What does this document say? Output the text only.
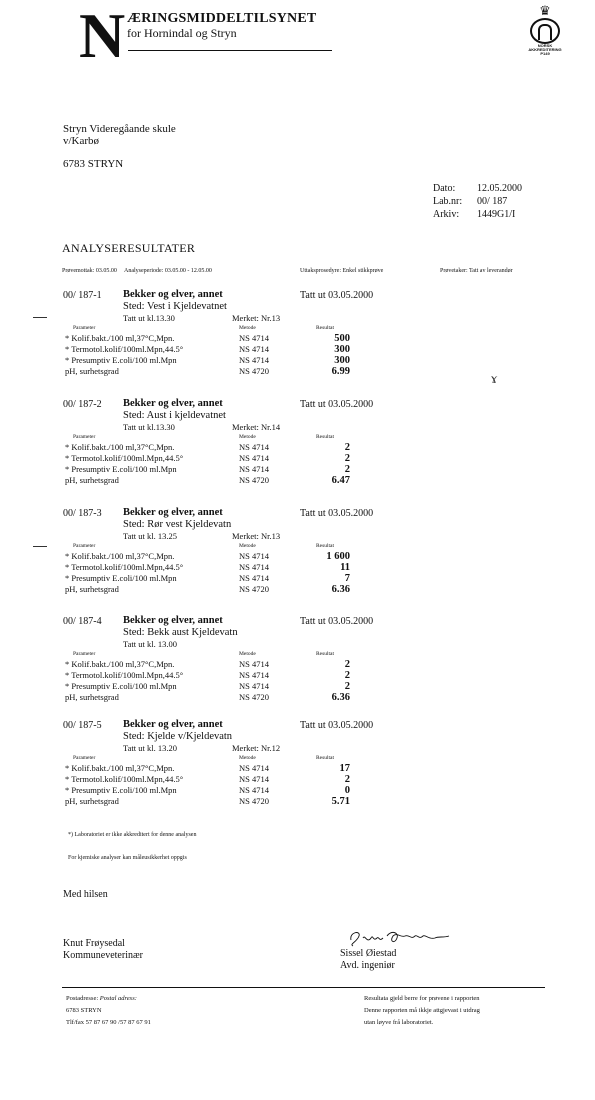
N ÆRINGSMIDDELTILSYNET
for Hornindal og Stryn
♛
NORSK
AKKREDITERING
P149
Stryn Videregåande skule
v/Karbø
6783 STRYN
Dato: 12.05.2000
Lab.nr: 00/ 187
Arkiv: 1449G1/I
ANALYSERESULTATER
Prøvemottak: 03.05.00 Analyseperiode: 03.05.00 - 12.05.00	Uttaksprosedyre: Enkel stikkprøve	Prøvetaker: Tatt av leverandør
00/ 187-1 Bekker og elver, annet	Tatt ut 03.05.2000
Sted: Vest i Kjeldevatnet
Tatt ut kl.13.30	Merket: Nr.13
Parameter	Metode	Resultat
* Kolif.bakt./100 ml,37°C,Mpn.	NS 4714	500
* Termotol.kolif/100ml.Mpn,44.5°	NS 4714	300
* Presumptiv E.coli/100 ml.Mpn	NS 4714	300
pH, surhetsgrad	NS 4720	6.99
00/ 187-2 Bekker og elver, annet	Tatt ut 03.05.2000
Sted: Aust i kjeldevatnet
Tatt ut kl.13.30	Merket: Nr.14
Parameter	Metode	Resultat
* Kolif.bakt./100 ml,37°C,Mpn.	NS 4714	2
* Termotol.kolif/100ml.Mpn,44.5°	NS 4714	2
* Presumptiv E.coli/100 ml.Mpn	NS 4714	2
pH, surhetsgrad	NS 4720	6.47
00/ 187-3 Bekker og elver, annet	Tatt ut 03.05.2000
Sted: Rør vest Kjeldevatn
Tatt ut kl. 13.25	Merket: Nr.13
Parameter	Metode	Resultat
* Kolif.bakt./100 ml,37°C,Mpn.	NS 4714	1 600
* Termotol.kolif/100ml.Mpn,44.5°	NS 4714	11
* Presumptiv E.coli/100 ml.Mpn	NS 4714	7
pH, surhetsgrad	NS 4720	6.36
00/ 187-4 Bekker og elver, annet	Tatt ut 03.05.2000
Sted: Bekk aust Kjeldevatn
Tatt ut kl. 13.00
Parameter	Metode	Resultat
* Kolif.bakt./100 ml,37°C,Mpn.	NS 4714	2
* Termotol.kolif/100ml.Mpn,44.5°	NS 4714	2
* Presumptiv E.coli/100 ml.Mpn	NS 4714	2
pH, surhetsgrad	NS 4720	6.36
00/ 187-5 Bekker og elver, annet	Tatt ut 03.05.2000
Sted: Kjelde v/Kjeldevatn
Tatt ut kl. 13.20	Merket: Nr.12
Parameter	Metode	Resultat
* Kolif.bakt./100 ml,37°C,Mpn.	NS 4714	17
* Termotol.kolif/100ml.Mpn,44.5°	NS 4714	2
* Presumptiv E.coli/100 ml.Mpn	NS 4714	0
pH, surhetsgrad	NS 4720	5.71
ɤ
*) Laboratoriet er ikke akkreditert for denne analysen
For kjemiske analyser kan måleusikkerhet oppgis
Med hilsen
Knut Frøysedal
Kommuneveterinær	Sissel Øiestad
Avd. ingeniør
Postadresse: Postal adress:
6783 STRYN
Tlf/fax 57 87 67 90 /57 87 67 91
Resultata gjeld berre for prøvene i rapporten
Denne rapporten må ikkje attgjevast i utdrag
utan løyve frå laboratoriet.
